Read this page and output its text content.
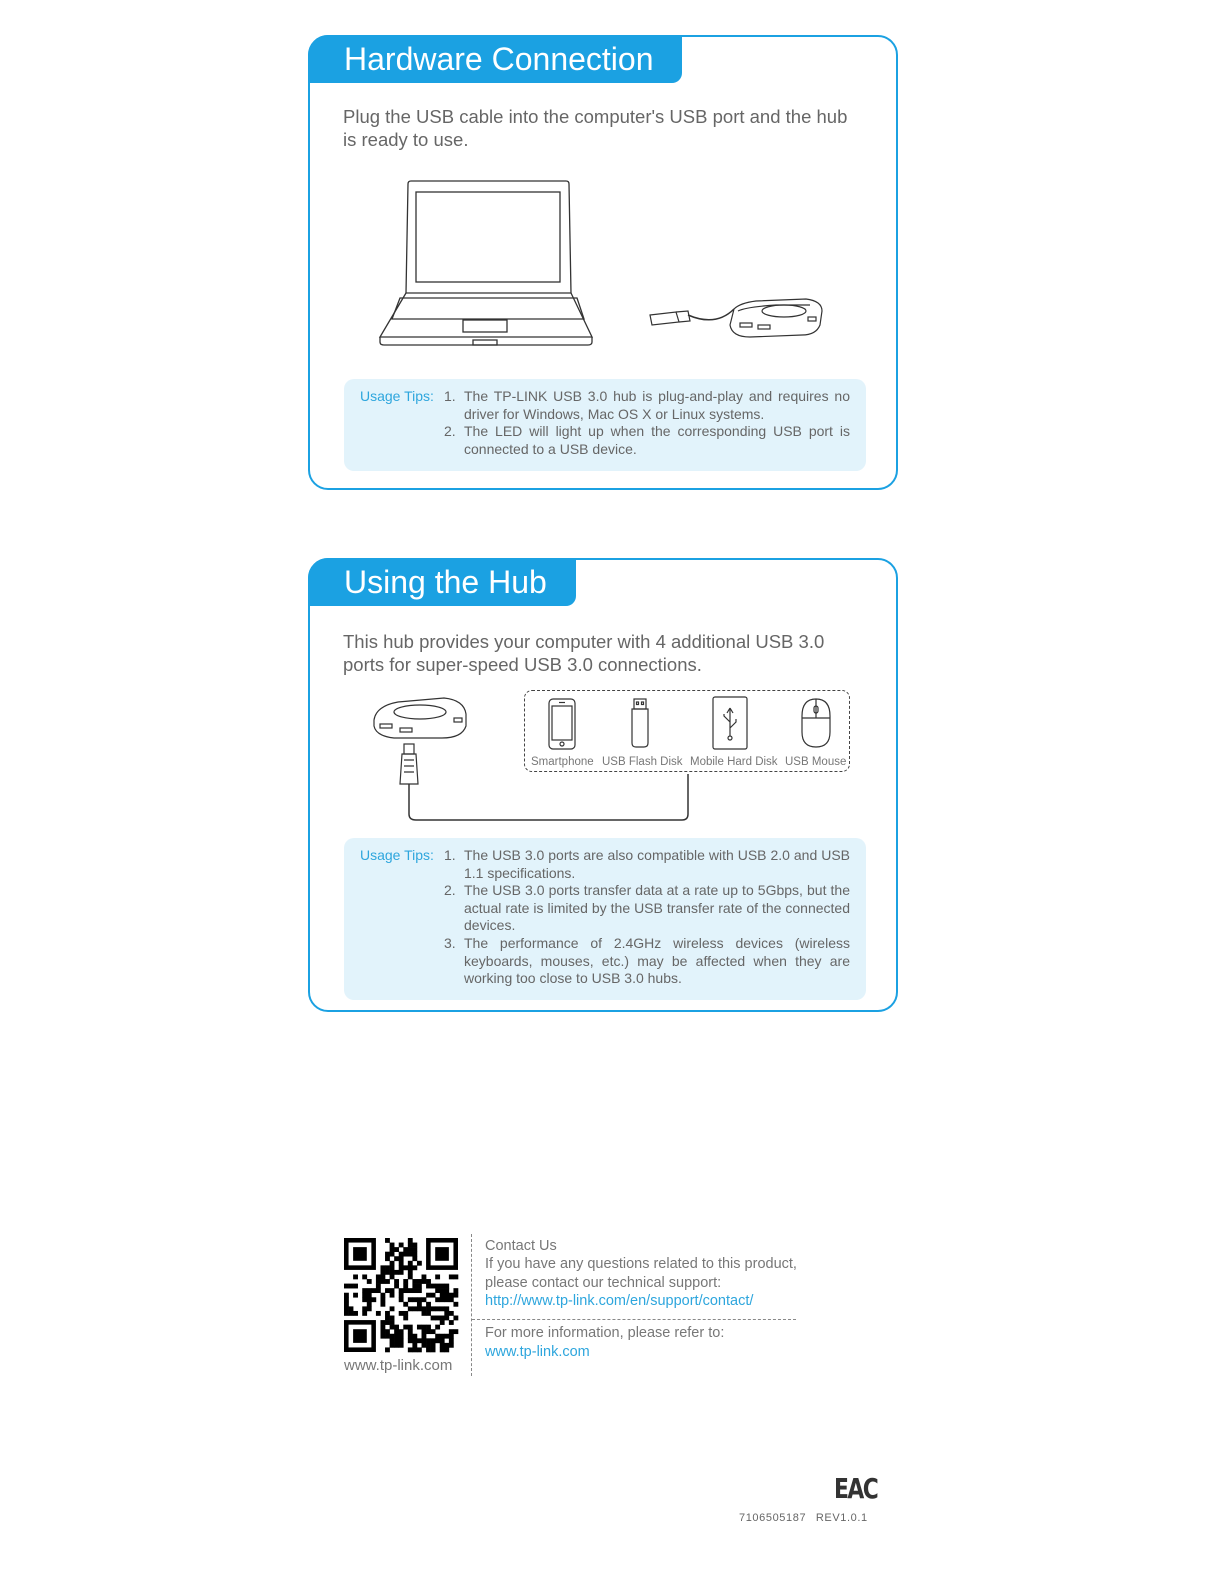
Hardware Connection
Plug the USB cable into the computer's USB port and the hub is ready to use.
Usage Tips: 1. The TP-LINK USB 3.0 hub is plug-and-play and requires no driver for Windows, Mac OS X or Linux systems.
2. The LED will light up when the corresponding USB port is connected to a USB device.
Using the Hub
This hub provides your computer with 4 additional USB 3.0 ports for super-speed USB 3.0 connections.
Smartphone USB Flash Disk Mobile Hard Disk USB Mouse
Usage Tips: 1. The USB 3.0 ports are also compatible with USB 2.0 and USB 1.1 specifications.
2. The USB 3.0 ports transfer data at a rate up to 5Gbps, but the actual rate is limited by the USB transfer rate of the connected devices.
3. The performance of 2.4GHz wireless devices (wireless keyboards, mouses, etc.) may be affected when they are working too close to USB 3.0 hubs.
www.tp-link.com
Contact Us
If you have any questions related to this product,
please contact our technical support:
http://www.tp-link.com/en/support/contact/
For more information, please refer to:
www.tp-link.com
EAC
7106505187 REV1.0.1
